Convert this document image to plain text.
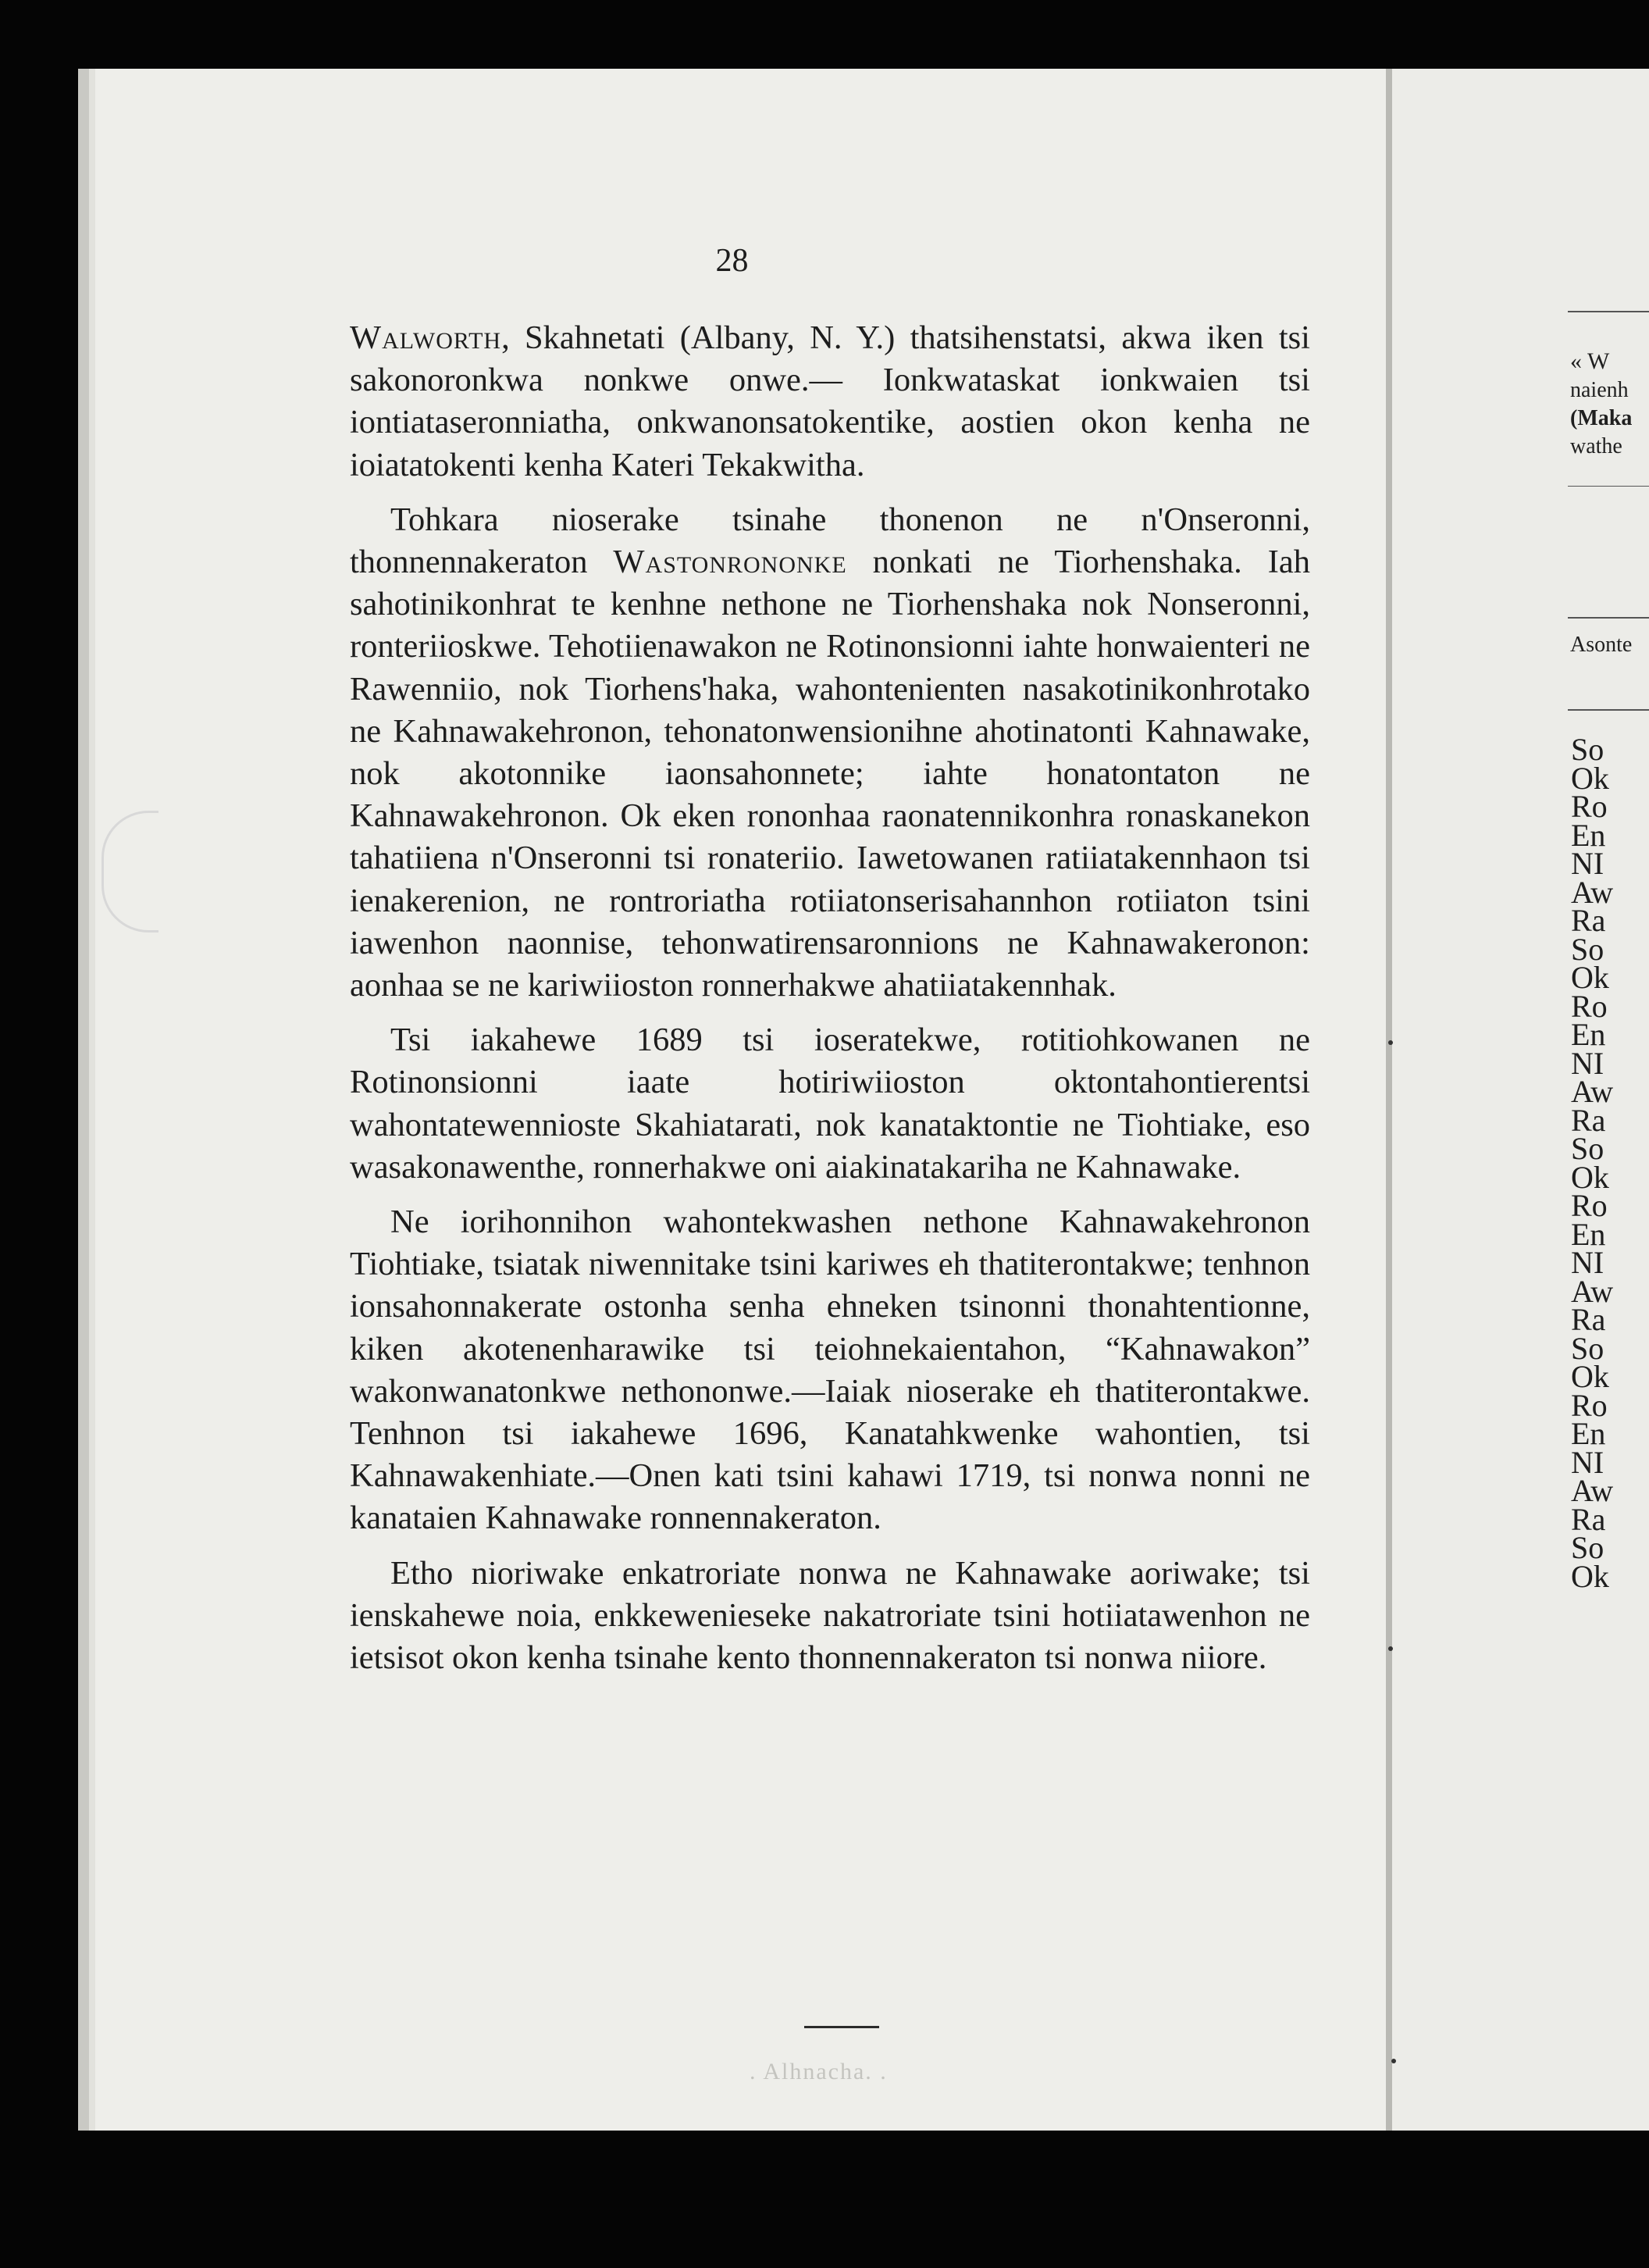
28

Walworth, Skahnetati (Albany, N. Y.) thatsihenstatsi, akwa iken tsi sakonoronkwa nonkwe onwe.— Ionkwataskat ionkwaien tsi iontiataseronniatha, onkwanonsatokentike, aostien okon kenha ne ioiatatokenti kenha Kateri Tekakwitha.

Tohkara nioserake tsinahe thonenon ne n'Onseronni, thonnennakeraton Wastonrononke nonkati ne Tiorhenshaka. Iah sahotinikonhrat te kenhne nethone ne Tiorhenshaka nok Nonseronni, ronteriioskwe. Tehotiienawakon ne Rotinonsionni iahte honwaienteri ne Rawenniio, nok Tiorhens'haka, wahontenienten nasakotinikonhrotako ne Kahnawakehronon, tehonatonwensionihne ahotinatonti Kahnawake, nok akotonnike iaonsahonnete; iahte honatontaton ne Kahnawakehronon. Ok eken rononhaa raonatennikonhra ronaskanekon tahatiiena n'Onseronni tsi ronateriio. Iawetowanen ratiiatakennhaon tsi ienakerenion, ne rontroriatha rotiiatonserisahannhon rotiiaton tsini iawenhon naonnise, tehonwatirensaronnions ne Kahnawakeronon: aonhaa se ne kariwiioston ronnerhakwe ahatiiatakennhak.

Tsi iakahewe 1689 tsi ioseratekwe, rotitiohkowanen ne Rotinonsionni iaate hotiriwiioston oktontahontierentsi wahontatewennioste Skahiatarati, nok kanataktontie ne Tiohtiake, eso wasakonawenthe, ronnerhakwe oni aiakinatakariha ne Kahnawake.

Ne iorihonnihon wahontekwashen nethone Kahnawakehronon Tiohtiake, tsiatak niwennitake tsini kariwes eh thatiterontakwe; tenhnon ionsahonnakerate ostonha senha ehneken tsinonni thonahtentionne, kiken akotenenharawike tsi teiohnekaientahon, “Kahnawakon” wakonwanatonkwe nethononwe.—Iaiak nioserake eh thatiterontakwe. Tenhnon tsi iakahewe 1696, Kanatahkwenke wahontien, tsi Kahnawakenhiate.—Onen kati tsini kahawi 1719, tsi nonwa nonni ne kanataien Kahnawake ronnennakeraton.

Etho nioriwake enkatroriate nonwa ne Kahnawake aoriwake; tsi ienskahewe noia, enkkewenieseke nakatroriate tsini hotiiatawenhon ne ietsisot okon kenha tsinahe kento thonnennakeraton tsi nonwa niiore.

. Alhnacha. .
« W
naienh
(Maka
wathe
Asonte
So
Ok
Ro
En
NI
Aw
Ra
So
Ok
Ro
En
NI
Aw
Ra
So
Ok
Ro
En
NI
Aw
Ra
So
Ok
Ro
En
NI
Aw
Ra
So
Ok
